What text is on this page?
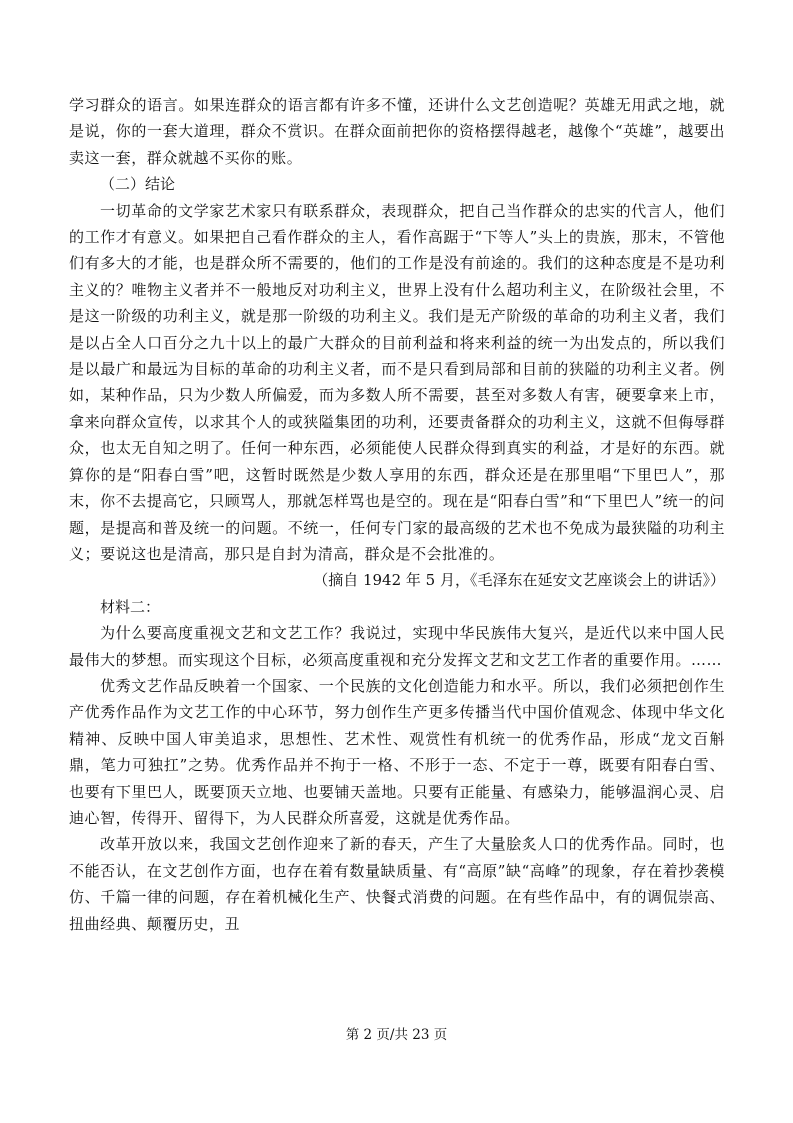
学习群众的语言。如果连群众的语言都有许多不懂，还讲什么文艺创造呢？英雄无用武之地，就是说，你的一套大道理，群众不赏识。在群众面前把你的资格摆得越老，越像个“英雄”，越要出卖这一套，群众就越不买你的账。

（二）结论

一切革命的文学家艺术家只有联系群众，表现群众，把自己当作群众的忠实的代言人，他们的工作才有意义。如果把自己看作群众的主人，看作高踞于“下等人”头上的贵族，那末，不管他们有多大的才能，也是群众所不需要的，他们的工作是没有前途的。我们的这种态度是不是功利主义的？唯物主义者并不一般地反对功利主义，世界上没有什么超功利主义，在阶级社会里，不是这一阶级的功利主义，就是那一阶级的功利主义。我们是无产阶级的革命的功利主义者，我们是以占全人口百分之九十以上的最广大群众的目前利益和将来利益的统一为出发点的，所以我们是以最广和最远为目标的革命的功利主义者，而不是只看到局部和目前的狭隘的功利主义者。例如，某种作品，只为少数人所偏爱，而为多数人所不需要，甚至对多数人有害，硬要拿来上市，拿来向群众宣传，以求其个人的或狭隘集团的功利，还要责备群众的功利主义，这就不但侮辱群众，也太无自知之明了。任何一种东西，必须能使人民群众得到真实的利益，才是好的东西。就算你的是“阳春白雪”吧，这暂时既然是少数人享用的东西，群众还是在那里唱“下里巴人”，那末，你不去提高它，只顾骂人，那就怎样骂也是空的。现在是“阳春白雪”和“下里巴人”统一的问题，是提高和普及统一的问题。不统一，任何专门家的最高级的艺术也不免成为最狭隘的功利主义；要说这也是清高，那只是自封为清高，群众是不会批准的。

（摘自 1942 年 5 月，《毛泽东在延安文艺座谈会上的讲话》）

材料二：

为什么要高度重视文艺和文艺工作？我说过，实现中华民族伟大复兴，是近代以来中国人民最伟大的梦想。而实现这个目标，必须高度重视和充分发挥文艺和文艺工作者的重要作用。……

优秀文艺作品反映着一个国家、一个民族的文化创造能力和水平。所以，我们必须把创作生产优秀作品作为文艺工作的中心环节，努力创作生产更多传播当代中国价值观念、体现中华文化精神、反映中国人审美追求，思想性、艺术性、观赏性有机统一的优秀作品，形成“龙文百斛鼎，笔力可独扛”之势。优秀作品并不拘于一格、不形于一态、不定于一尊，既要有阳春白雪、也要有下里巴人，既要顶天立地、也要铺天盖地。只要有正能量、有感染力，能够温润心灵、启迪心智，传得开、留得下，为人民群众所喜爱，这就是优秀作品。

改革开放以来，我国文艺创作迎来了新的春天，产生了大量脍炙人口的优秀作品。同时，也不能否认，在文艺创作方面，也存在着有数量缺质量、有“高原”缺“高峰”的现象，存在着抄袭模仿、千篇一律的问题，存在着机械化生产、快餐式消费的问题。在有些作品中，有的调侃崇高、扭曲经典、颠覆历史，丑

第 2 页/共 23 页
